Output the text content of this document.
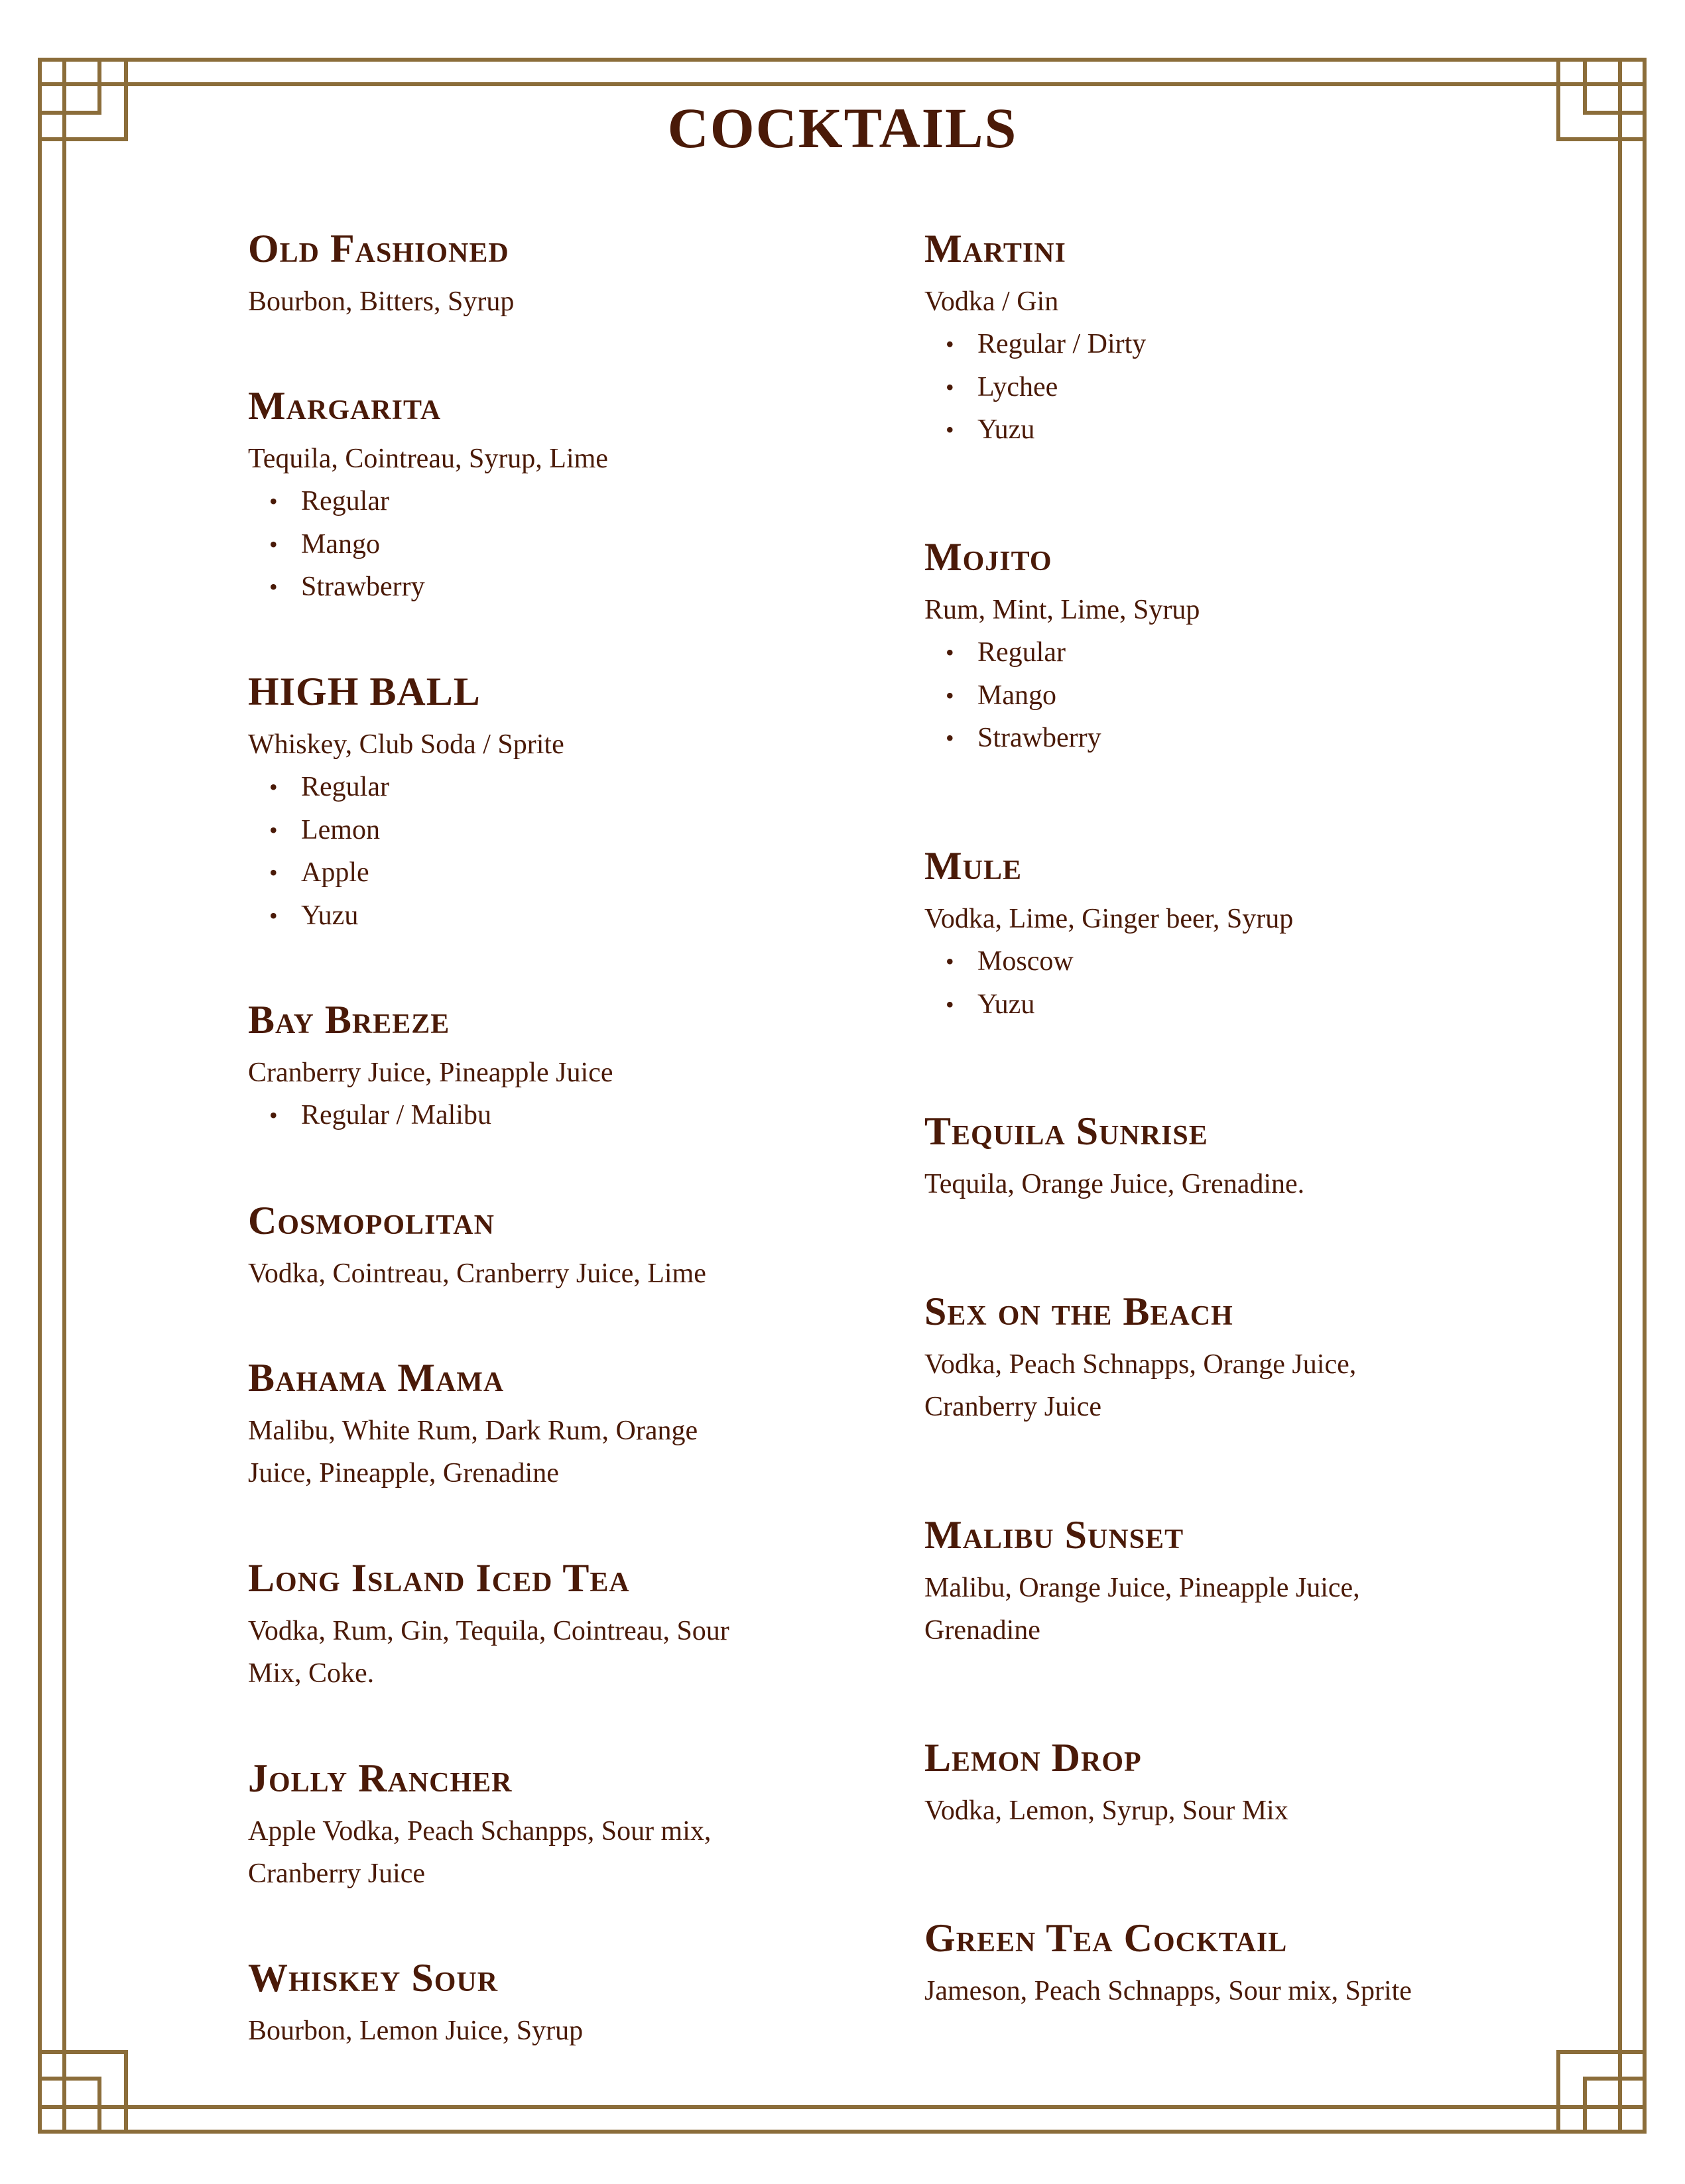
COCKTAILS
Old Fashioned
Bourbon, Bitters, Syrup
Margarita
Tequila, Cointreau, Syrup, Lime
• Regular
• Mango
• Strawberry
HIGH BALL
Whiskey, Club Soda / Sprite
• Regular
• Lemon
• Apple
• Yuzu
Bay Breeze
Cranberry Juice, Pineapple Juice
• Regular / Malibu
Cosmopolitan
Vodka, Cointreau, Cranberry Juice, Lime
Bahama Mama
Malibu, White Rum, Dark Rum, Orange Juice, Pineapple, Grenadine
Long Island Iced Tea
Vodka, Rum, Gin, Tequila, Cointreau, Sour Mix, Coke.
Jolly Rancher
Apple Vodka, Peach Schanpps, Sour mix, Cranberry Juice
Whiskey Sour
Bourbon, Lemon Juice, Syrup
Martini
Vodka / Gin
• Regular / Dirty
• Lychee
• Yuzu
Mojito
Rum, Mint, Lime, Syrup
• Regular
• Mango
• Strawberry
Mule
Vodka, Lime, Ginger beer, Syrup
• Moscow
• Yuzu
Tequila Sunrise
Tequila, Orange Juice, Grenadine.
Sex on the Beach
Vodka, Peach Schnapps, Orange Juice, Cranberry Juice
Malibu Sunset
Malibu, Orange Juice, Pineapple Juice, Grenadine
Lemon Drop
Vodka, Lemon, Syrup, Sour Mix
Green Tea Cocktail
Jameson, Peach Schnapps, Sour mix, Sprite
